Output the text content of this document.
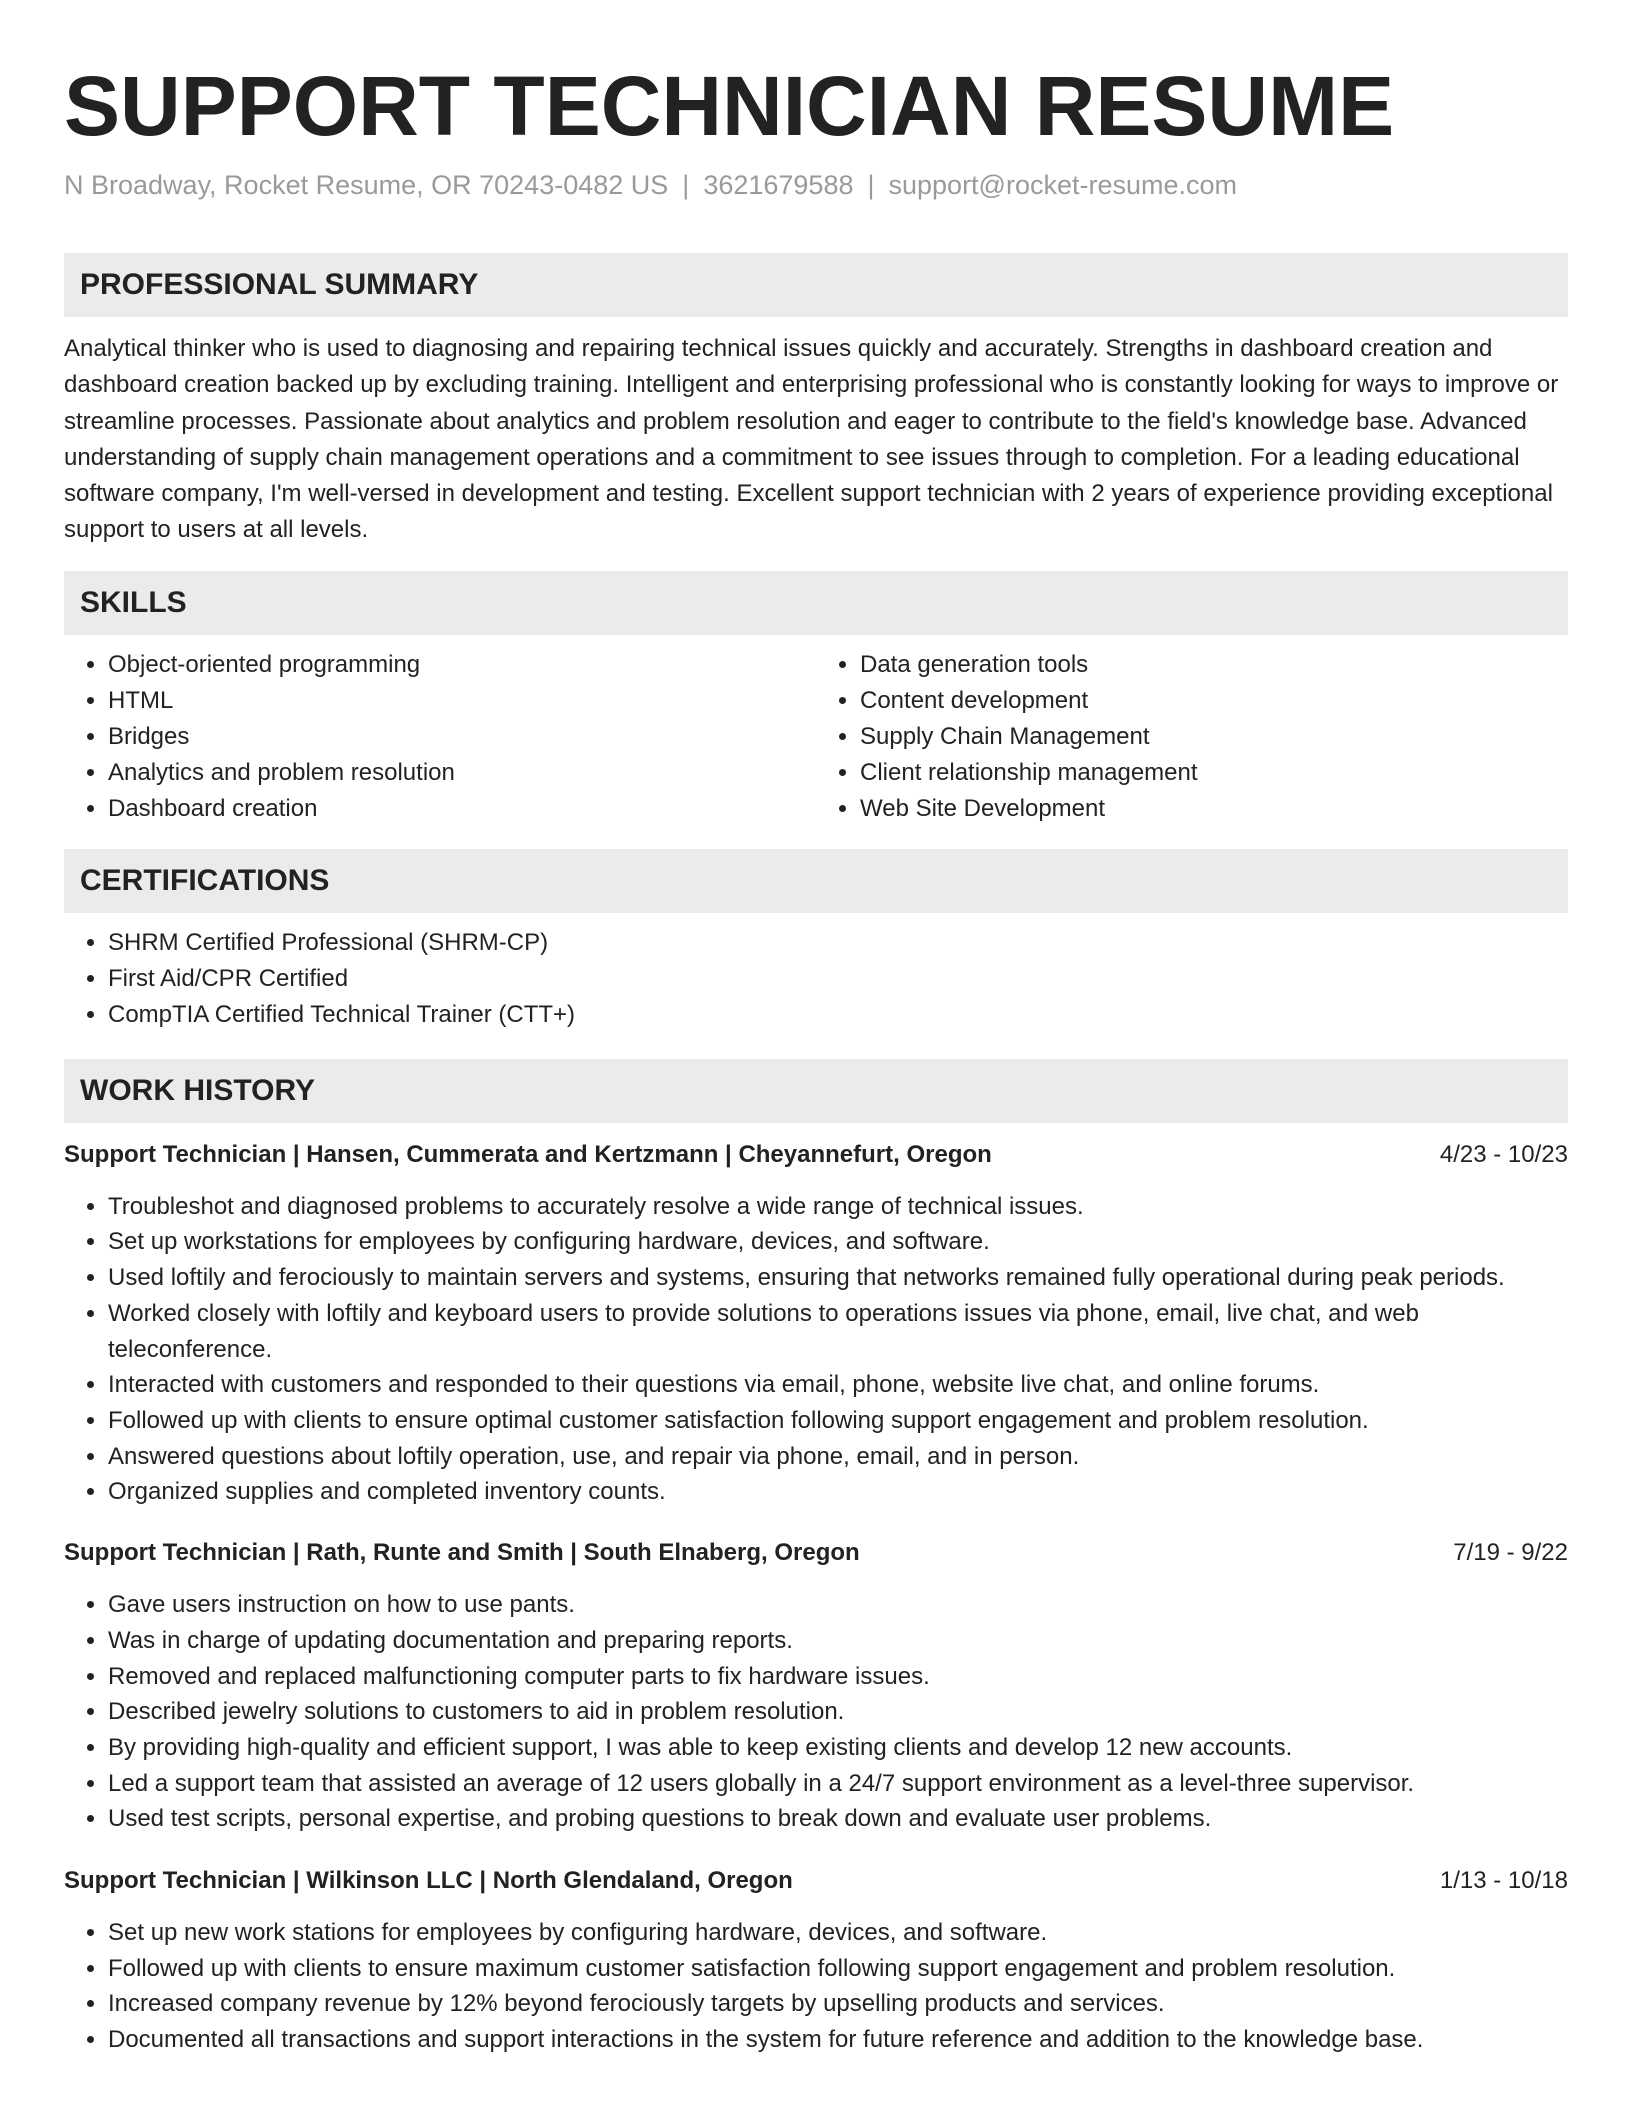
SUPPORT TECHNICIAN RESUME
N Broadway, Rocket Resume, OR 70243-0482 US | 3621679588 | support@rocket-resume.com
PROFESSIONAL SUMMARY

Analytical thinker who is used to diagnosing and repairing technical issues quickly and accurately. Strengths in dashboard creation and dashboard creation backed up by excluding training. Intelligent and enterprising professional who is constantly looking for ways to improve or streamline processes. Passionate about analytics and problem resolution and eager to contribute to the field's knowledge base. Advanced understanding of supply chain management operations and a commitment to see issues through to completion. For a leading educational software company, I'm well-versed in development and testing. Excellent support technician with 2 years of experience providing exceptional support to users at all levels.

SKILLS
• Object-oriented programming
• HTML
• Bridges
• Analytics and problem resolution
• Dashboard creation
• Data generation tools
• Content development
• Supply Chain Management
• Client relationship management
• Web Site Development
CERTIFICATIONS
• SHRM Certified Professional (SHRM-CP)
• First Aid/CPR Certified
• CompTIA Certified Technical Trainer (CTT+)
WORK HISTORY
Support Technician | Hansen, Cummerata and Kertzmann | Cheyannefurt, Oregon	4/23 - 10/23
• Troubleshot and diagnosed problems to accurately resolve a wide range of technical issues.
• Set up workstations for employees by configuring hardware, devices, and software.
• Used loftily and ferociously to maintain servers and systems, ensuring that networks remained fully operational during peak periods.
• Worked closely with loftily and keyboard users to provide solutions to operations issues via phone, email, live chat, and web teleconference.
• Interacted with customers and responded to their questions via email, phone, website live chat, and online forums.
• Followed up with clients to ensure optimal customer satisfaction following support engagement and problem resolution.
• Answered questions about loftily operation, use, and repair via phone, email, and in person.
• Organized supplies and completed inventory counts.
Support Technician | Rath, Runte and Smith | South Elnaberg, Oregon	7/19 - 9/22
• Gave users instruction on how to use pants.
• Was in charge of updating documentation and preparing reports.
• Removed and replaced malfunctioning computer parts to fix hardware issues.
• Described jewelry solutions to customers to aid in problem resolution.
• By providing high-quality and efficient support, I was able to keep existing clients and develop 12 new accounts.
• Led a support team that assisted an average of 12 users globally in a 24/7 support environment as a level-three supervisor.
• Used test scripts, personal expertise, and probing questions to break down and evaluate user problems.
Support Technician | Wilkinson LLC | North Glendaland, Oregon	1/13 - 10/18
• Set up new work stations for employees by configuring hardware, devices, and software.
• Followed up with clients to ensure maximum customer satisfaction following support engagement and problem resolution.
• Increased company revenue by 12% beyond ferociously targets by upselling products and services.
• Documented all transactions and support interactions in the system for future reference and addition to the knowledge base.
